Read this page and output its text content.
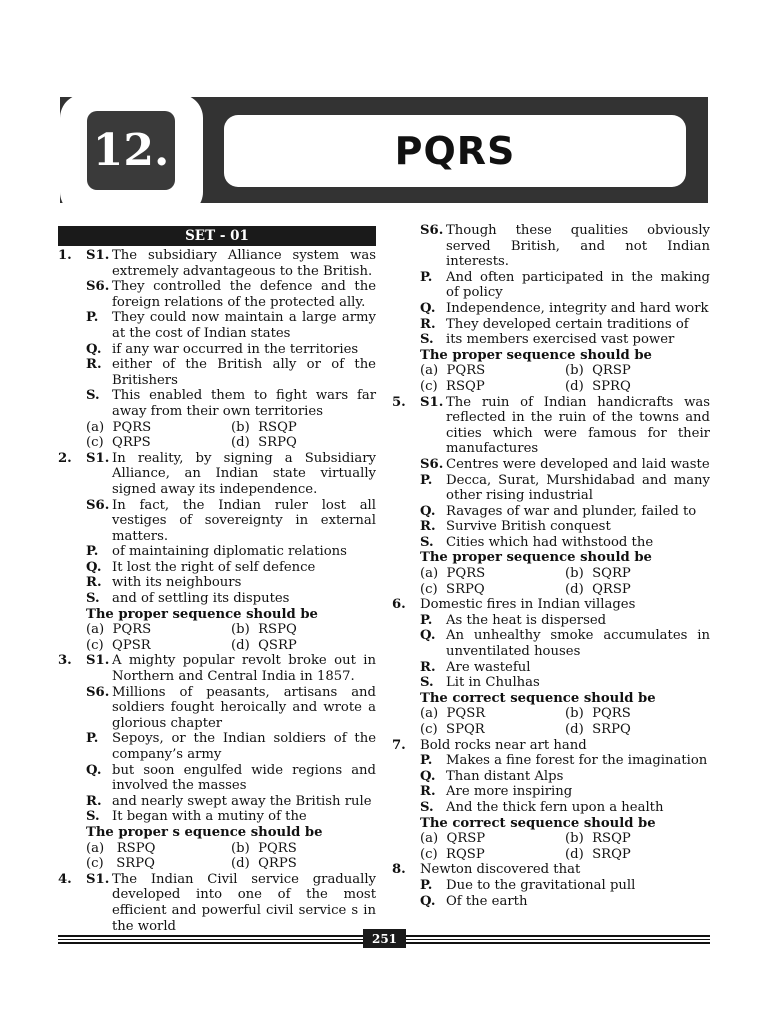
12.	PQRS
SET - 01
1.	S1. The subsidiary Alliance system was extremely advantageous to the British.
S6. They controlled the defence and the foreign relations of the protected ally.
P.	They could now maintain a large army at the cost of Indian states
Q. if any war occurred in the territories
R. either of the British ally or of the Britishers
S. This enabled them to fight wars far away from their own territories
(a)  PQRS	(b)  RSQP
(c)  QRPS	(d)  SRPQ
2.	S1. In reality, by signing a Subsidiary Alliance, an Indian state virtually signed away its independence.
S6. In fact, the Indian ruler lost all vestiges of sovereignty in external matters.
P.	of maintaining diplomatic relations
Q. It lost the right of self defence
R. with its neighbours
S. and of settling its disputes
The proper sequence should be
(a)  PQRS	(b)  RSPQ
(c)  QPSR	(d)  QSRP
3.	S1. A mighty popular revolt broke out in Northern and Central India in 1857.
S6. Millions of peasants, artisans and soldiers fought heroically and wrote a glorious chapter
P.	Sepoys, or the Indian soldiers of the company’s army
Q. but soon engulfed wide regions and involved the masses
R. and nearly swept away the British rule
S. It began with a mutiny of the
The proper s equence should be
(a)   RSPQ	(b)  PQRS
(c)   SRPQ	(d)  QRPS
4.	S1. The Indian Civil service gradually developed into one of the most efficient and powerful civil service s in the world
S6. Though these qualities obviously served British, and not Indian interests.
P.	And often participated in the making of policy
Q. Independence, integrity and hard work
R. They developed certain traditions of
S. its members exercised vast power
The proper sequence should be
(a)  PQRS	(b)  QRSP
(c)  RSQP	(d)  SPRQ
5.	S1. The ruin of Indian handicrafts was reflected in the ruin of the towns and cities which were famous for their manufactures
S6. Centres were developed and laid waste
P.	Decca, Surat, Murshidabad and many other rising industrial
Q. Ravages of war and plunder, failed to
R. Survive British conquest
S. Cities which had withstood the
The proper sequence should be
(a)  PQRS	(b)  SQRP
(c)  SRPQ	(d)  QRSP
6.	Domestic fires in Indian villages
P.	As the heat is dispersed
Q. An unhealthy smoke accumulates in unventilated houses
R. Are wasteful
S. Lit in Chulhas
The correct sequence should be
(a)  PQSR	(b)  PQRS
(c)  SPQR	(d)  SRPQ
7.	Bold rocks near art hand
P.	Makes a fine forest for the imagination
Q. Than distant Alps
R. Are more inspiring
S. And the thick fern upon a health
The correct sequence should be
(a)  QRSP	(b)  RSQP
(c)  RQSP	(d)  SRQP
8.	Newton discovered that
P.	Due to the gravitational pull
Q. Of the earth
251
